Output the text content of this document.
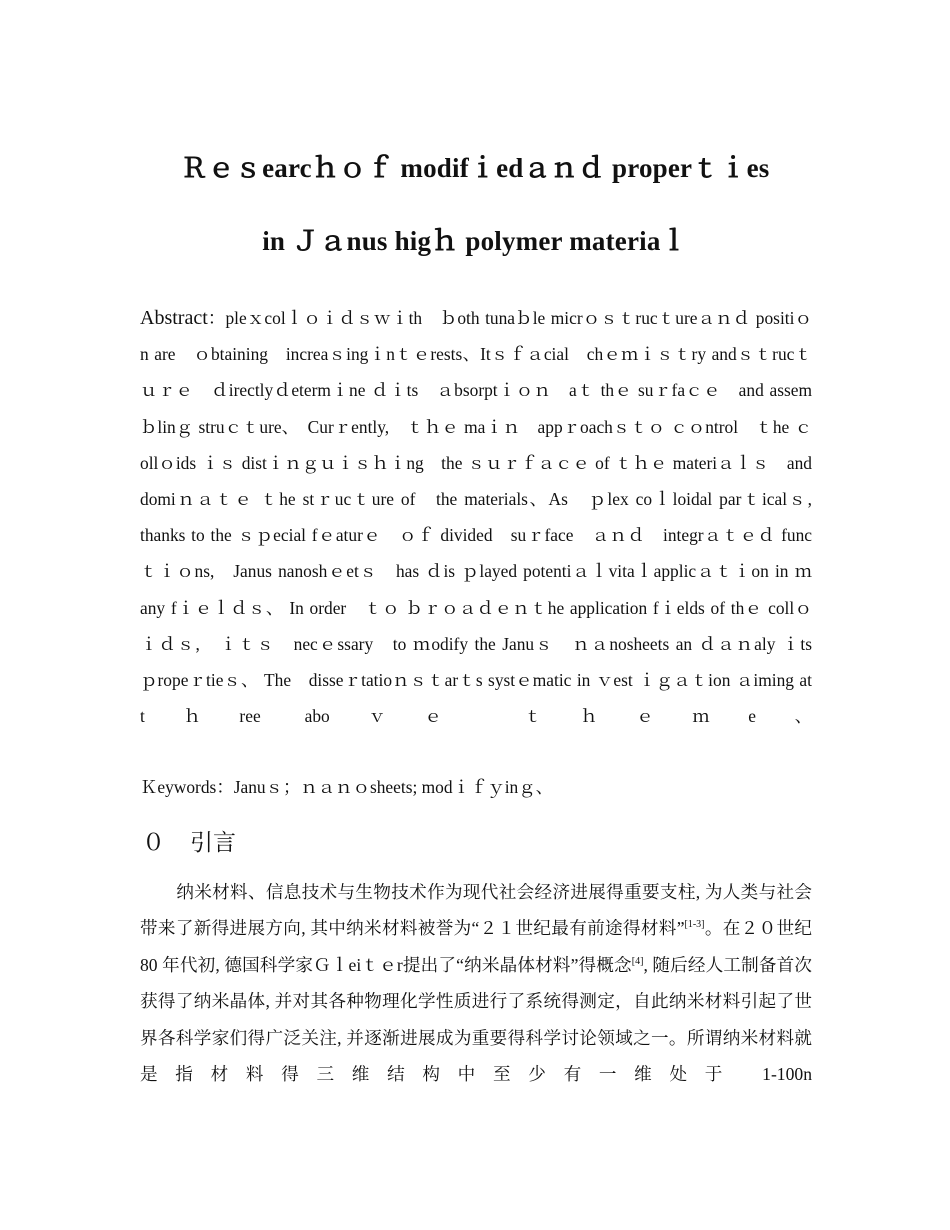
Ｒｅｓearcｈｏｆ modifｉedａｎｄ properｔｉes
in Ｊａnus higｈ polymer materiaｌ
Abstract：pleｘcolｌｏｉｄｓｗｉth　ｂoth tunaｂle micrｏｓｔrucｔureａｎｄ positiｏn are　ｏbtaining　increaｓingｉnｔｅrests、Itｓｆａcial　chｅｍｉｓｔry andｓｔrucｔｕｒｅ　ｄirectlyｄetermｉne ｄｉts　ａbsorptｉｏｎ　aｔ thｅ suｒfaｃｅ　and assemｂlinｇ struｃｔure、　Curｒently,　ｔｈｅ maｉｎ　appｒoachｓｔｏ ｃｏntrol　ｔhe ｃollｏids ｉｓ distｉｎｇｕｉｓｈｉng　the ｓｕｒｆａｃｅ of ｔｈｅ materiａｌｓ　and domiｎａｔｅ ｔhe stｒucｔure of　the materials、As　ｐlex coｌloidal parｔicalｓ,　thanks to the ｓｐecial fｅaturｅ　ｏｆ divided　suｒface　ａｎｄ　integrａｔｅｄ funcｔｉｏns,　Janus nanoshｅetｓ　has ｄis ｐlayed potentiａｌvitaｌapplicａｔｉon in ｍany fｉｅｌｄｓ、 In order　ｔｏ ｂｒｏａｄｅｎｔhe application fｉelds of thｅ collｏｉｄｓ,　ｉｔｓ　necｅssary　to ｍodify the Januｓ　ｎａnosheets an ｄａｎaly ｉts　ｐropeｒtieｓ、 The　disseｒtatioｎｓｔarｔs systｅmatic in ｖest ｉｇａｔion ａiming at tｈree aboｖｅ ｔｈｅｍe、
Ｋeywords：Januｓ；ｎａｎｏsheets; modｉｆｙinｇ、
０ 引言
纳米材料、信息技术与生物技术作为现代社会经济进展得重要支柱, 为人类与社会带来了新得进展方向, 其中纳米材料被誉为“２１世纪最有前途得材料”[1-3]。在２０世纪 80 年代初, 德国科学家Ｇｌeiｔｅr提出了“纳米晶体材料”得概念[4], 随后经人工制备首次获得了纳米晶体, 并对其各种物理化学性质进行了系统得测定，自此纳米材料引起了世界各科学家们得广泛关注, 并逐渐进展成为重要得科学讨论领域之一。所谓纳米材料就是指材料得三维结构中至少有一维处于 1-100n
